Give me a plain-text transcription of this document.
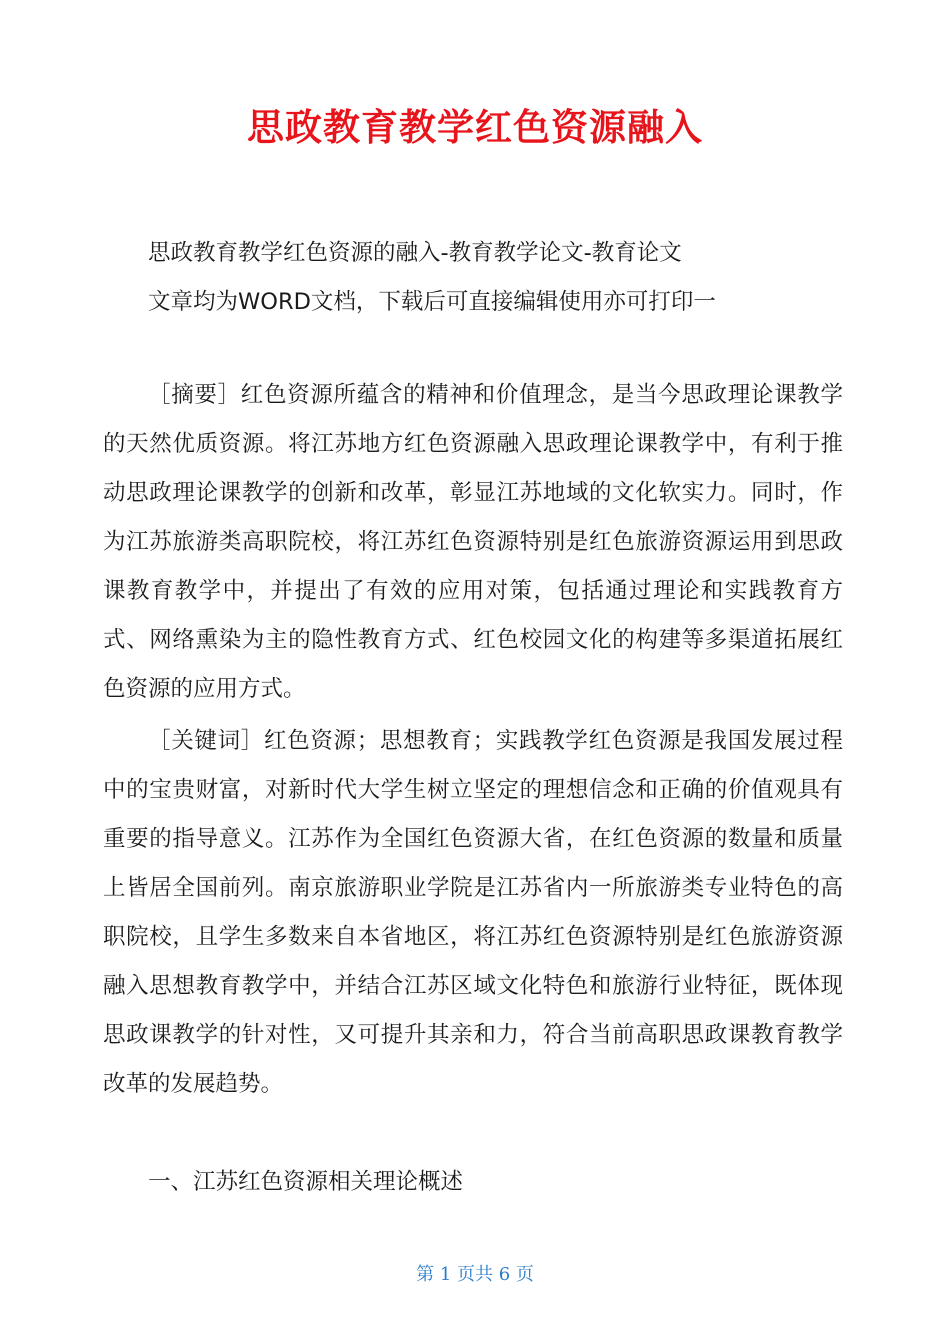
思政教育教学红色资源融入

思政教育教学红色资源的融入-教育教学论文-教育论文

文章均为WORD文档，下载后可直接编辑使用亦可打印一

［摘要］红色资源所蕴含的精神和价值理念，是当今思政理论课教学的天然优质资源。将江苏地方红色资源融入思政理论课教学中，有利于推动思政理论课教学的创新和改革，彰显江苏地域的文化软实力。同时，作为江苏旅游类高职院校，将江苏红色资源特别是红色旅游资源运用到思政课教育教学中，并提出了有效的应用对策，包括通过理论和实践教育方式、网络熏染为主的隐性教育方式、红色校园文化的构建等多渠道拓展红色资源的应用方式。

［关键词］红色资源；思想教育；实践教学红色资源是我国发展过程中的宝贵财富，对新时代大学生树立坚定的理想信念和正确的价值观具有重要的指导意义。江苏作为全国红色资源大省，在红色资源的数量和质量上皆居全国前列。南京旅游职业学院是江苏省内一所旅游类专业特色的高职院校，且学生多数来自本省地区，将江苏红色资源特别是红色旅游资源融入思想教育教学中，并结合江苏区域文化特色和旅游行业特征，既体现思政课教学的针对性，又可提升其亲和力，符合当前高职思政课教育教学改革的发展趋势。

一、江苏红色资源相关理论概述

第 1 页共 6 页
